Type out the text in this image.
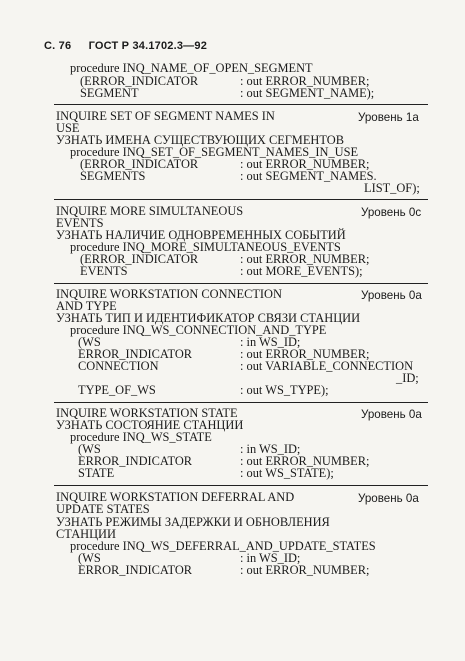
С. 76 ГОСТ Р 34.1702.3—92
procedure INQ_NAME_OF_OPEN_SEGMENT
(ERROR_INDICATOR	: out ERROR_NUMBER;
SEGMENT	: out SEGMENT_NAME);
INQUIRE SET OF SEGMENT NAMES IN	Уровень 1а
USE
УЗНАТЬ ИМЕНА СУЩЕСТВУЮЩИХ СЕГМЕНТОВ
procedure INQ_SET_OF_SEGMENT_NAMES_IN_USE
(ERROR_INDICATOR	: out ERROR_NUMBER;
SEGMENTS	: out SEGMENT_NAMES.
LIST_OF);
INQUIRE MORE SIMULTANEOUS	Уровень 0с
EVENTS
УЗНАТЬ НАЛИЧИЕ ОДНОВРЕМЕННЫХ СОБЫТИЙ
procedure INQ_MORE_SIMULTANEOUS_EVENTS
(ERROR_INDICATOR	: out ERROR_NUMBER;
EVENTS	: out MORE_EVENTS);
INQUIRE WORKSTATION CONNECTION	Уровень 0а
AND TYPE
УЗНАТЬ ТИП И ИДЕНТИФИКАТОР СВЯЗИ СТАНЦИИ
procedure INQ_WS_CONNECTION_AND_TYPE
(WS	: in WS_ID;
ERROR_INDICATOR	: out ERROR_NUMBER;
CONNECTION	: out VARIABLE_CONNECTION
_ID;
TYPE_OF_WS	: out WS_TYPE);
INQUIRE WORKSTATION STATE	Уровень 0а
УЗНАТЬ СОСТОЯНИЕ СТАНЦИИ
procedure INQ_WS_STATE
(WS	: in WS_ID;
ERROR_INDICATOR	: out ERROR_NUMBER;
STATE	: out WS_STATE);
INQUIRE WORKSTATION DEFERRAL AND	Уровень 0а
UPDATE STATES
УЗНАТЬ РЕЖИМЫ ЗАДЕРЖКИ И ОБНОВЛЕНИЯ
СТАНЦИИ
procedure INQ_WS_DEFERRAL_AND_UPDATE_STATES
(WS	: in WS_ID;
ERROR_INDICATOR	: out ERROR_NUMBER;
